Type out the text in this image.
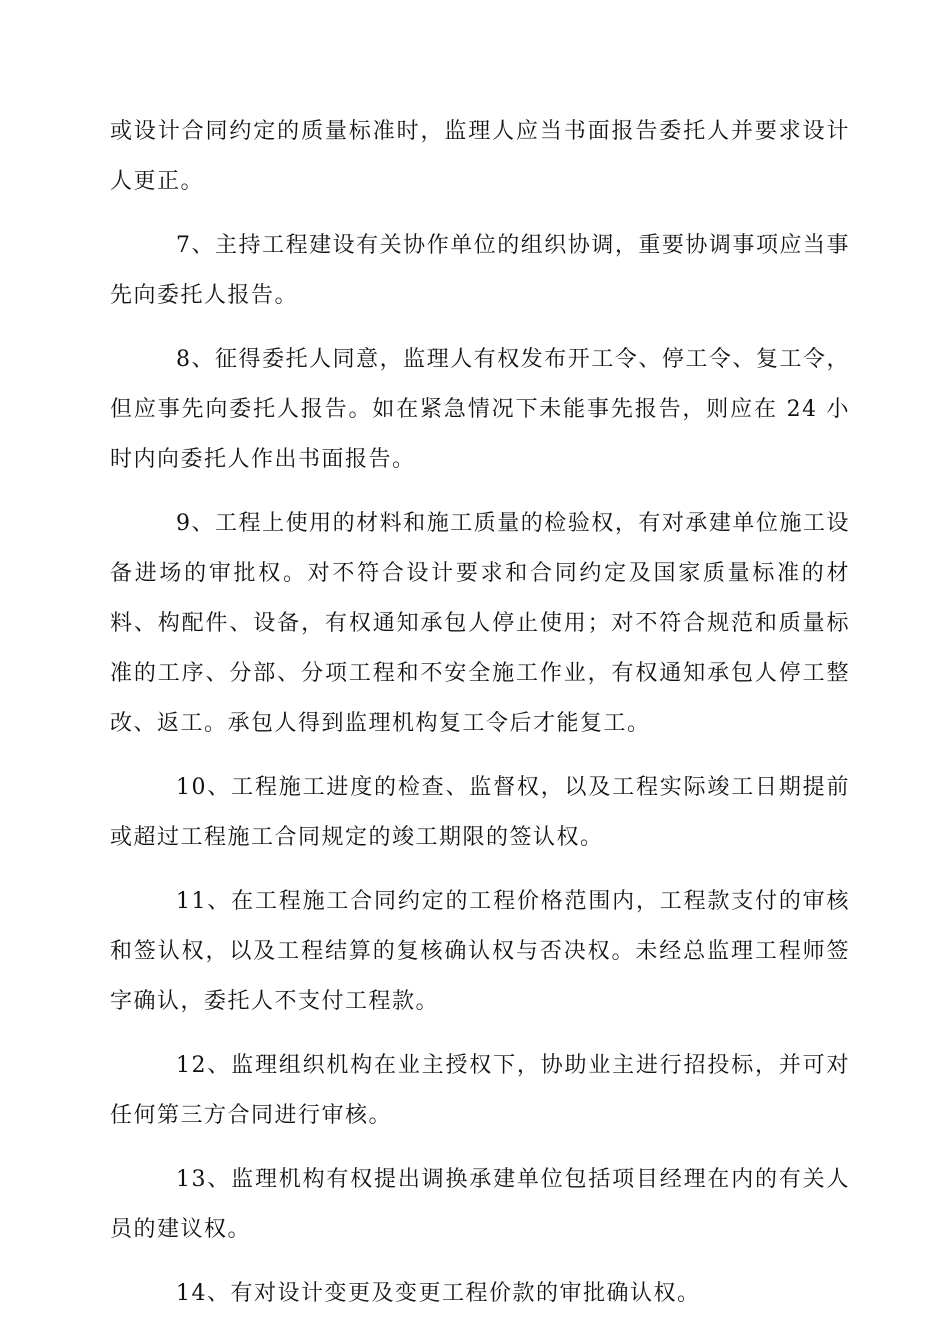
或设计合同约定的质量标准时，监理人应当书面报告委托人并要求设计人更正。

7、主持工程建设有关协作单位的组织协调，重要协调事项应当事先向委托人报告。

8、征得委托人同意，监理人有权发布开工令、停工令、复工令，但应事先向委托人报告。如在紧急情况下未能事先报告，则应在 24 小时内向委托人作出书面报告。

9、工程上使用的材料和施工质量的检验权，有对承建单位施工设备进场的审批权。对不符合设计要求和合同约定及国家质量标准的材料、构配件、设备，有权通知承包人停止使用；对不符合规范和质量标准的工序、分部、分项工程和不安全施工作业，有权通知承包人停工整改、返工。承包人得到监理机构复工令后才能复工。

10、工程施工进度的检查、监督权，以及工程实际竣工日期提前或超过工程施工合同规定的竣工期限的签认权。

11、在工程施工合同约定的工程价格范围内，工程款支付的审核和签认权，以及工程结算的复核确认权与否决权。未经总监理工程师签字确认，委托人不支付工程款。

12、监理组织机构在业主授权下，协助业主进行招投标，并可对任何第三方合同进行审核。

13、监理机构有权提出调换承建单位包括项目经理在内的有关人员的建议权。

14、有对设计变更及变更工程价款的审批确认权。
